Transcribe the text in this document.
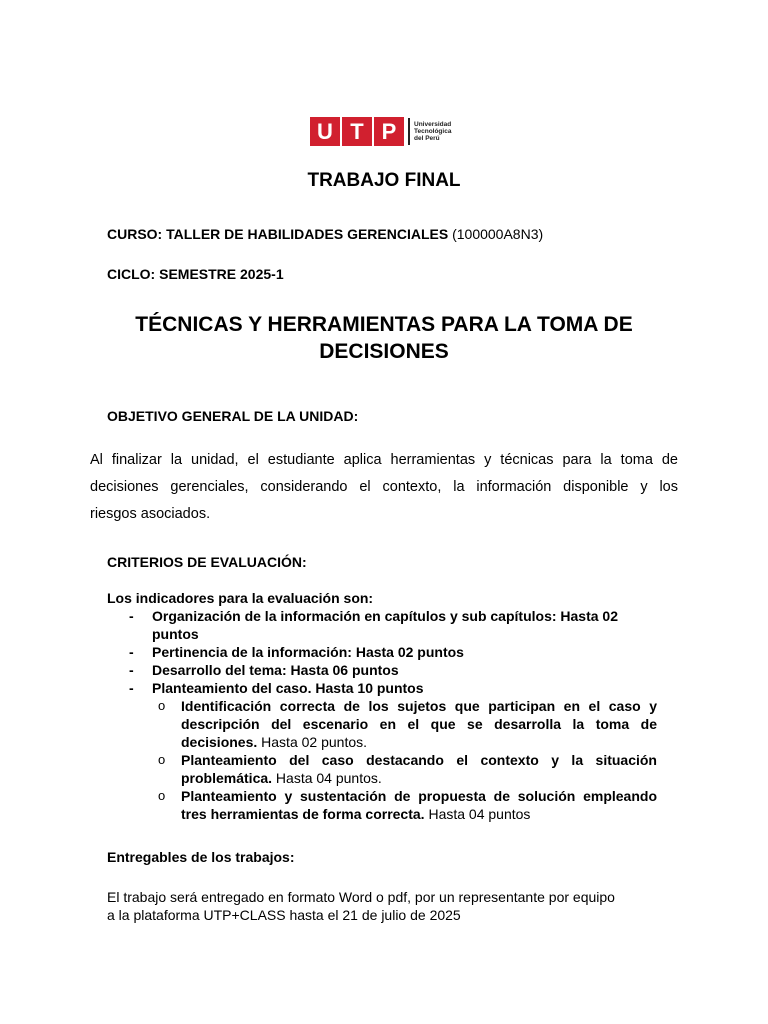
U T P	Universidad
Tecnológica
del Perú
TRABAJO FINAL
CURSO: TALLER DE HABILIDADES GERENCIALES (100000A8N3)
CICLO: SEMESTRE 2025-1
TÉCNICAS Y HERRAMIENTAS PARA LA TOMA DE
DECISIONES
OBJETIVO GENERAL DE LA UNIDAD:
Al finalizar la unidad, el estudiante aplica herramientas y técnicas para la toma de
decisiones gerenciales, considerando el contexto, la información disponible y los
riesgos asociados.
CRITERIOS DE EVALUACIÓN:
Los indicadores para la evaluación son:
- Organización de la información en capítulos y sub capítulos: Hasta 02 puntos
- Pertinencia de la información: Hasta 02 puntos
- Desarrollo del tema: Hasta 06 puntos
- Planteamiento del caso. Hasta 10 puntos
o Identificación correcta de los sujetos que participan en el caso y descripción del escenario en el que se desarrolla la toma de decisiones. Hasta 02 puntos.
o Planteamiento del caso destacando el contexto y la situación problemática. Hasta 04 puntos.
o Planteamiento y sustentación de propuesta de solución empleando tres herramientas de forma correcta. Hasta 04 puntos
Entregables de los trabajos:
El trabajo será entregado en formato Word o pdf, por un representante por equipo
a la plataforma UTP+CLASS hasta el 21 de julio de 2025
